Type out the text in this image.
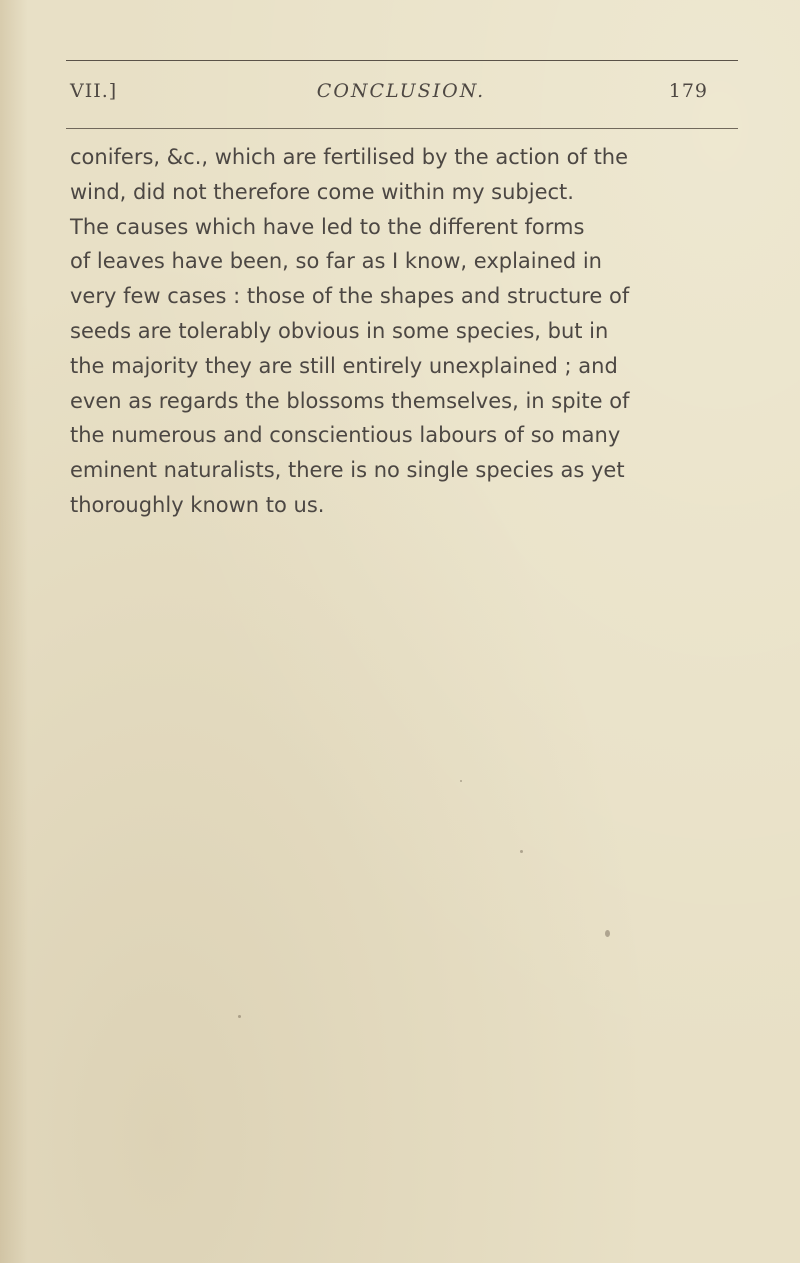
VII.]	CONCLUSION.	179
conifers, &c., which are fertilised by the action of the
wind, did not therefore come within my subject.
The causes which have led to the different forms
of leaves have been, so far as I know, explained in
very few cases : those of the shapes and structure of
seeds are tolerably obvious in some species, but in
the majority they are still entirely unexplained ; and
even as regards the blossoms themselves, in spite of
the numerous and conscientious labours of so many
eminent naturalists, there is no single species as yet
thoroughly known to us.
